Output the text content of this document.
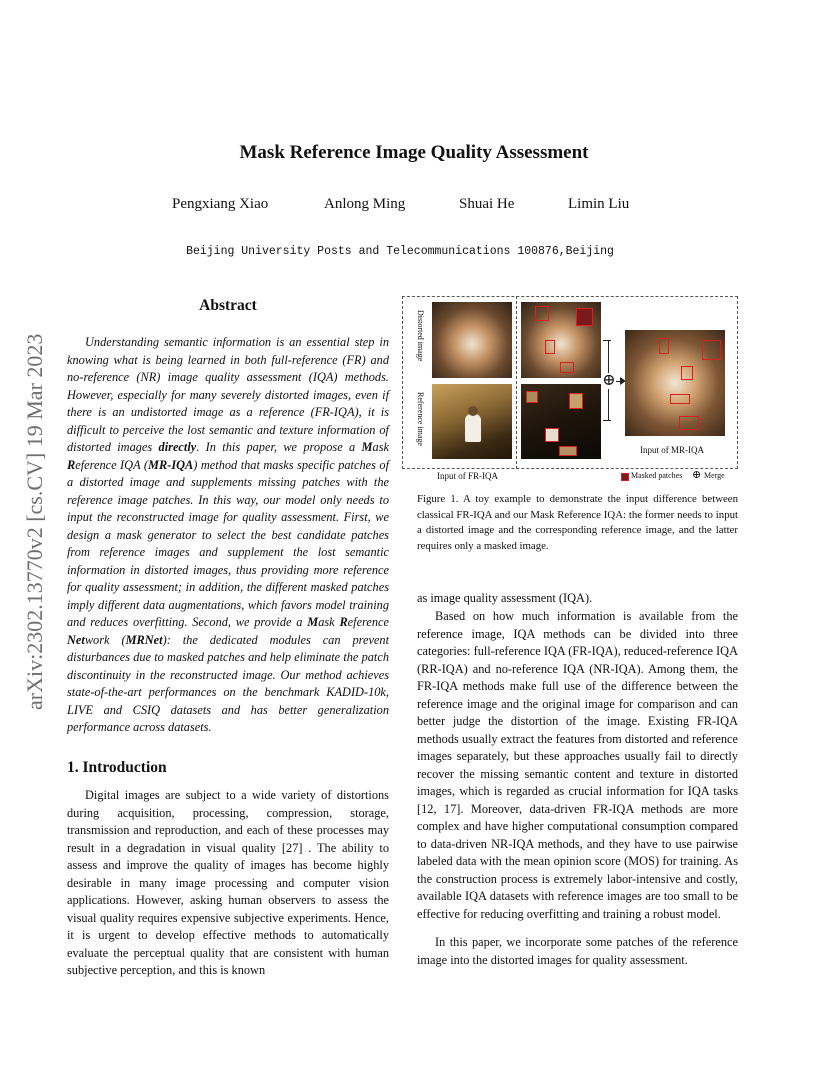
arXiv:2302.13770v2 [cs.CV] 19 Mar 2023
Mask Reference Image Quality Assessment
Pengxiang Xiao	Anlong Ming	Shuai He	Limin Liu
Beijing University Posts and Telecommunications 100876,Beijing
Abstract

Understanding semantic information is an essential step in knowing what is being learned in both full-reference (FR) and no-reference (NR) image quality assessment (IQA) methods. However, especially for many severely distorted images, even if there is an undistorted image as a reference (FR-IQA), it is difficult to perceive the lost semantic and texture information of distorted images directly. In this paper, we propose a Mask Reference IQA (MR-IQA) method that masks specific patches of a distorted image and supplements missing patches with the reference image patches. In this way, our model only needs to input the reconstructed image for quality assessment. First, we design a mask generator to select the best candidate patches from reference images and supplement the lost semantic information in distorted images, thus providing more reference for quality assessment; in addition, the different masked patches imply different data augmentations, which favors model training and reduces overfitting. Second, we provide a Mask Reference Network (MRNet): the dedicated modules can prevent disturbances due to masked patches and help eliminate the patch discontinuity in the reconstructed image. Our method achieves state-of-the-art performances on the benchmark KADID-10k, LIVE and CSIQ datasets and has better generalization performance across datasets.

1. Introduction

Digital images are subject to a wide variety of distortions during acquisition, processing, compression, storage, transmission and reproduction, and each of these processes may result in a degradation in visual quality [27] . The ability to assess and improve the quality of images has become highly desirable in many image processing and computer vision applications. However, asking human observers to assess the visual quality requires expensive subjective experiments. Hence, it is urgent to develop effective methods to automatically evaluate the perceptual quality that are consistent with human subjective perception, and this is known

Distorted image
Reference image
Input of FR-IQA
⊕
Input of MR-IQA
Masked patches ⊕ Merge

Figure 1. A toy example to demonstrate the input difference between classical FR-IQA and our Mask Reference IQA: the former needs to input a distorted image and the corresponding reference image, and the latter requires only a masked image.

as image quality assessment (IQA).

Based on how much information is available from the reference image, IQA methods can be divided into three categories: full-reference IQA (FR-IQA), reduced-reference IQA (RR-IQA) and no-reference IQA (NR-IQA). Among them, the FR-IQA methods make full use of the difference between the reference image and the original image for comparison and can better judge the distortion of the image. Existing FR-IQA methods usually extract the features from distorted and reference images separately, but these approaches usually fail to directly recover the missing semantic content and texture in distorted images, which is regarded as crucial information for IQA tasks [12, 17]. Moreover, data-driven FR-IQA methods are more complex and have higher computational consumption compared to data-driven NR-IQA methods, and they have to use pairwise labeled data with the mean opinion score (MOS) for training. As the construction process is extremely labor-intensive and costly, available IQA datasets with reference images are too small to be effective for reducing overfitting and training a robust model.

In this paper, we incorporate some patches of the reference image into the distorted images for quality assessment.
